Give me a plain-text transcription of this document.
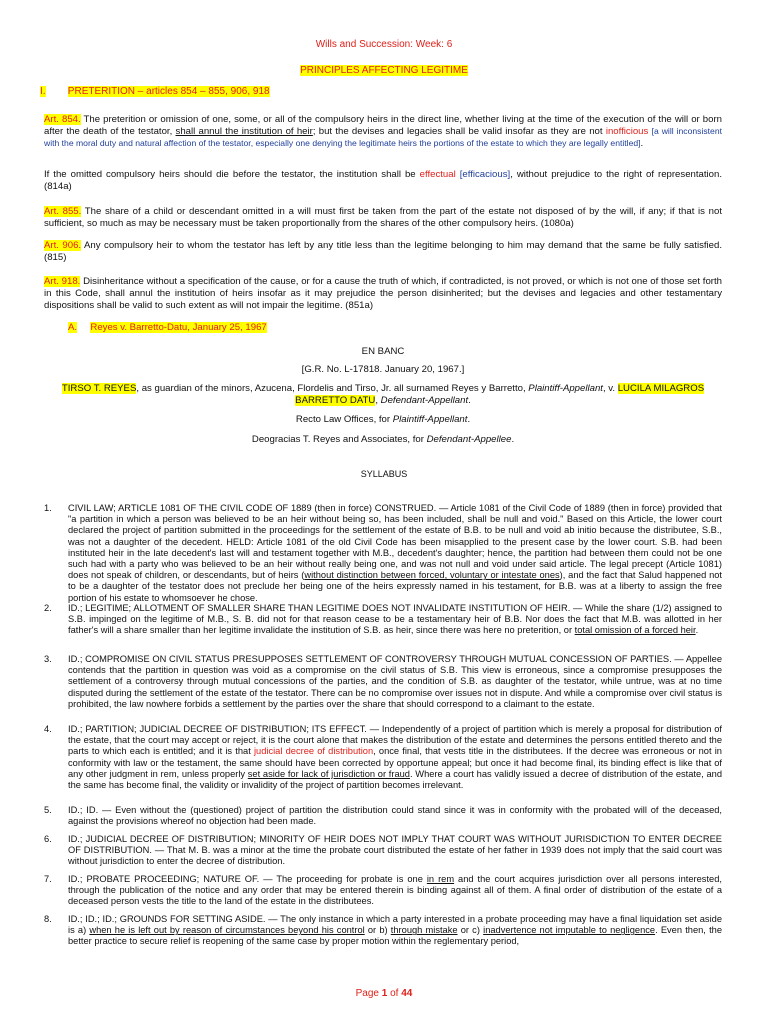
Wills and Succession: Week: 6
PRINCIPLES AFFECTING LEGITIME
I. PRETERITION – articles 854 – 855, 906, 918
Art. 854. The preterition or omission of one, some, or all of the compulsory heirs in the direct line, whether living at the time of the execution of the will or born after the death of the testator, shall annul the institution of heir; but the devises and legacies shall be valid insofar as they are not inofficious [a will inconsistent with the moral duty and natural affection of the testator, especially one denying the legitimate heirs the portions of the estate to which they are legally entitled].
If the omitted compulsory heirs should die before the testator, the institution shall be effectual [efficacious], without prejudice to the right of representation. (814a)
Art. 855. The share of a child or descendant omitted in a will must first be taken from the part of the estate not disposed of by the will, if any; if that is not sufficient, so much as may be necessary must be taken proportionally from the shares of the other compulsory heirs. (1080a)
Art. 906. Any compulsory heir to whom the testator has left by any title less than the legitime belonging to him may demand that the same be fully satisfied. (815)
Art. 918. Disinheritance without a specification of the cause, or for a cause the truth of which, if contradicted, is not proved, or which is not one of those set forth in this Code, shall annul the institution of heirs insofar as it may prejudice the person disinherited; but the devises and legacies and other testamentary dispositions shall be valid to such extent as will not impair the legitime. (851a)
A. Reyes v. Barretto-Datu, January 25, 1967
EN BANC
[G.R. No. L-17818. January 20, 1967.]
TIRSO T. REYES, as guardian of the minors, Azucena, Flordelis and Tirso, Jr. all surnamed Reyes y Barretto, Plaintiff-Appellant, v. LUCILA MILAGROS BARRETTO DATU, Defendant-Appellant.
Recto Law Offices, for Plaintiff-Appellant.
Deogracias T. Reyes and Associates, for Defendant-Appellee.
SYLLABUS
1.	CIVIL LAW; ARTICLE 1081 OF THE CIVIL CODE OF 1889 (then in force) CONSTRUED. — Article 1081 of the Civil Code of 1889 (then in force) provided that "a partition in which a person was believed to be an heir without being so, has been included, shall be null and void." Based on this Article, the lower court declared the project of partition submitted in the proceedings for the settlement of the estate of B.B. to be null and void ab initio because the distributee, S.B., was not a daughter of the decedent. HELD: Article 1081 of the old Civil Code has been misapplied to the present case by the lower court. S.B. had been instituted heir in the late decedent's last will and testament together with M.B., decedent's daughter; hence, the partition had between them could not be one such had with a party who was believed to be an heir without really being one, and was not null and void under said article. The legal precept (Article 1081) does not speak of children, or descendants, but of heirs (without distinction between forced, voluntary or intestate ones), and the fact that Salud happened not to be a daughter of the testator does not preclude her being one of the heirs expressly named in his testament, for B.B. was at a liberty to assign the free portion of his estate to whomsoever he chose.
2.	ID.; LEGITIME; ALLOTMENT OF SMALLER SHARE THAN LEGITIME DOES NOT INVALIDATE INSTITUTION OF HEIR. — While the share (1/2) assigned to S.B. impinged on the legitime of M.B., S. B. did not for that reason cease to be a testamentary heir of B.B. Nor does the fact that M.B. was allotted in her father's will a share smaller than her legitime invalidate the institution of S.B. as heir, since there was here no preterition, or total omission of a forced heir.
3.	ID.; COMPROMISE ON CIVIL STATUS PRESUPPOSES SETTLEMENT OF CONTROVERSY THROUGH MUTUAL CONCESSION OF PARTIES. — Appellee contends that the partition in question was void as a compromise on the civil status of S.B. This view is erroneous, since a compromise presupposes the settlement of a controversy through mutual concessions of the parties, and the condition of S.B. as daughter of the testator, while untrue, was at no time disputed during the settlement of the estate of the testator. There can be no compromise over issues not in dispute. And while a compromise over civil status is prohibited, the law nowhere forbids a settlement by the parties over the share that should correspond to a claimant to the estate.
4.	ID.; PARTITION; JUDICIAL DECREE OF DISTRIBUTION; ITS EFFECT. — Independently of a project of partition which is merely a proposal for distribution of the estate, that the court may accept or reject, it is the court alone that makes the distribution of the estate and determines the persons entitled thereto and the parts to which each is entitled; and it is that judicial decree of distribution, once final, that vests title in the distributees. If the decree was erroneous or not in conformity with law or the testament, the same should have been corrected by opportune appeal; but once it had become final, its binding effect is like that of any other judgment in rem, unless properly set aside for lack of jurisdiction or fraud. Where a court has validly issued a decree of distribution of the estate, and the same has become final, the validity or invalidity of the project of partition becomes irrelevant.
5.	ID.; ID. — Even without the (questioned) project of partition the distribution could stand since it was in conformity with the probated will of the deceased, against the provisions whereof no objection had been made.
6.	ID.; JUDICIAL DECREE OF DISTRIBUTION; MINORITY OF HEIR DOES NOT IMPLY THAT COURT WAS WITHOUT JURISDICTION TO ENTER DECREE OF DISTRIBUTION. — That M. B. was a minor at the time the probate court distributed the estate of her father in 1939 does not imply that the said court was without jurisdiction to enter the decree of distribution.
7.	ID.; PROBATE PROCEEDING; NATURE OF. — The proceeding for probate is one in rem and the court acquires jurisdiction over all persons interested, through the publication of the notice and any order that may be entered therein is binding against all of them. A final order of distribution of the estate of a deceased person vests the title to the land of the estate in the distributees.
8.	ID.; ID.; ID.; GROUNDS FOR SETTING ASIDE. — The only instance in which a party interested in a probate proceeding may have a final liquidation set aside is a) when he is left out by reason of circumstances beyond his control or b) through mistake or c) inadvertence not imputable to negligence. Even then, the better practice to secure relief is reopening of the same case by proper motion within the reglementary period,
Page 1 of 44
